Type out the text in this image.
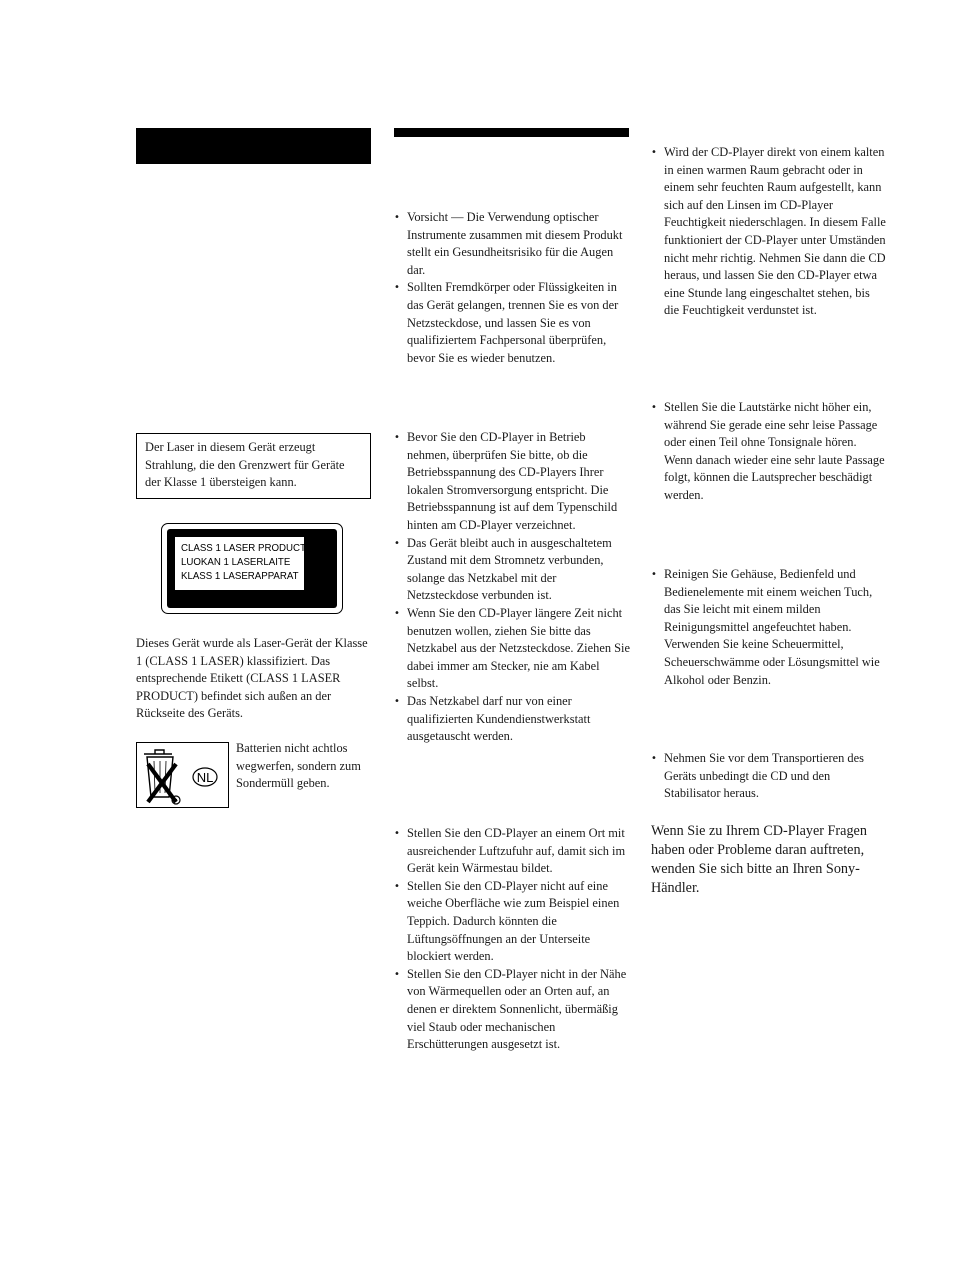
Der Laser in diesem Gerät erzeugt Strahlung, die den Grenzwert für Geräte der Klasse 1 übersteigen kann.
CLASS 1 LASER PRODUCT
LUOKAN 1 LASERLAITE
KLASS 1 LASERAPPARAT
Dieses Gerät wurde als Laser-Gerät der Klasse 1 (CLASS 1 LASER) klassifiziert. Das entsprechende Etikett (CLASS 1 LASER PRODUCT) befindet sich außen an der Rückseite des Geräts.
NL
Batterien nicht achtlos wegwerfen, sondern zum Sondermüll geben.
• Vorsicht — Die Verwendung optischer Instrumente zusammen mit diesem Produkt stellt ein Gesundheitsrisiko für die Augen dar.
• Sollten Fremdkörper oder Flüssigkeiten in das Gerät gelangen, trennen Sie es von der Netzsteckdose, und lassen Sie es von qualifiziertem Fachpersonal überprüfen, bevor Sie es wieder benutzen.
• Bevor Sie den CD-Player in Betrieb nehmen, überprüfen Sie bitte, ob die Betriebsspannung des CD-Players Ihrer lokalen Stromversorgung entspricht. Die Betriebsspannung ist auf dem Typenschild hinten am CD-Player verzeichnet.
• Das Gerät bleibt auch in ausgeschaltetem Zustand mit dem Stromnetz verbunden, solange das Netzkabel mit der Netzsteckdose verbunden ist.
• Wenn Sie den CD-Player längere Zeit nicht benutzen wollen, ziehen Sie bitte das Netzkabel aus der Netzsteckdose. Ziehen Sie dabei immer am Stecker, nie am Kabel selbst.
• Das Netzkabel darf nur von einer qualifizierten Kundendienstwerkstatt ausgetauscht werden.
• Stellen Sie den CD-Player an einem Ort mit ausreichender Luftzufuhr auf, damit sich im Gerät kein Wärmestau bildet.
• Stellen Sie den CD-Player nicht auf eine weiche Oberfläche wie zum Beispiel einen Teppich. Dadurch könnten die Lüftungsöffnungen an der Unterseite blockiert werden.
• Stellen Sie den CD-Player nicht in der Nähe von Wärmequellen oder an Orten auf, an denen er direktem Sonnenlicht, übermäßig viel Staub oder mechanischen Erschütterungen ausgesetzt ist.
• Wird der CD-Player direkt von einem kalten in einen warmen Raum gebracht oder in einem sehr feuchten Raum aufgestellt, kann sich auf den Linsen im CD-Player Feuchtigkeit niederschlagen. In diesem Falle funktioniert der CD-Player unter Umständen nicht mehr richtig. Nehmen Sie dann die CD heraus, und lassen Sie den CD-Player etwa eine Stunde lang eingeschaltet stehen, bis die Feuchtigkeit verdunstet ist.
• Stellen Sie die Lautstärke nicht höher ein, während Sie gerade eine sehr leise Passage oder einen Teil ohne Tonsignale hören. Wenn danach wieder eine sehr laute Passage folgt, können die Lautsprecher beschädigt werden.
• Reinigen Sie Gehäuse, Bedienfeld und Bedienelemente mit einem weichen Tuch, das Sie leicht mit einem milden Reinigungsmittel angefeuchtet haben. Verwenden Sie keine Scheuermittel, Scheuerschwämme oder Lösungsmittel wie Alkohol oder Benzin.
• Nehmen Sie vor dem Transportieren des Geräts unbedingt die CD und den Stabilisator heraus.
Wenn Sie zu Ihrem CD-Player Fragen haben oder Probleme daran auftreten, wenden Sie sich bitte an Ihren Sony-Händler.
